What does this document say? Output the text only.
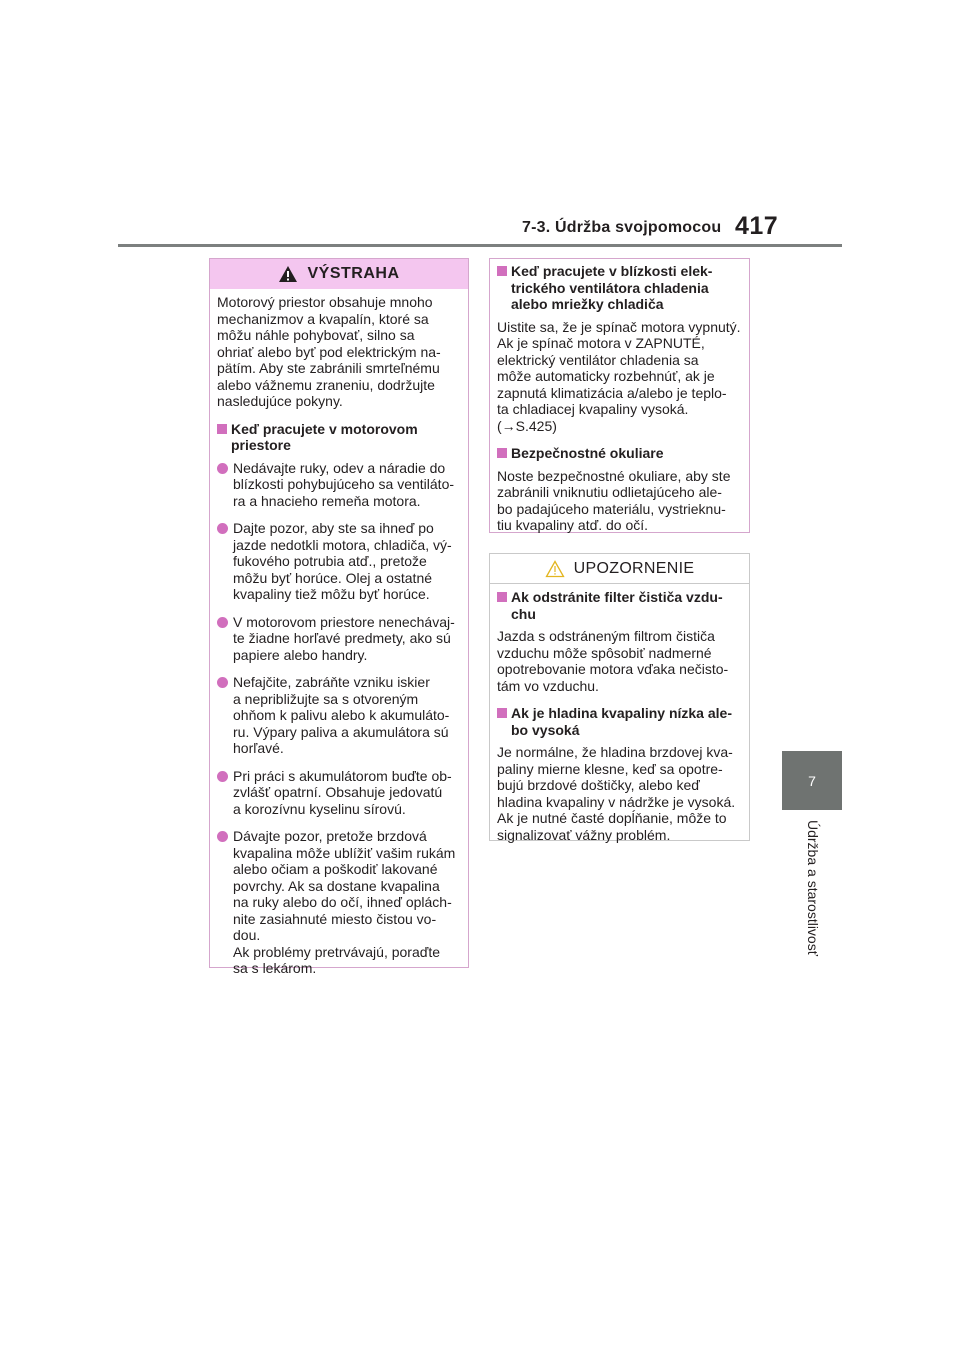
7-3. Údržba svojpomocou 417
7
Údržba a starostlivosť
VÝSTRAHA
Motorový priestor obsahuje mnoho
mechanizmov a kvapalín, ktoré sa
môžu náhle pohybovať, silno sa
ohriať alebo byť pod elektrickým na-
pätím. Aby ste zabránili smrteľnému
alebo vážnemu zraneniu, dodržujte
nasledujúce pokyny.
Keď pracujete v motorovom
priestore
Nedávajte ruky, odev a náradie do
blízkosti pohybujúceho sa ventiláto-
ra a hnacieho remeňa motora.
Dajte pozor, aby ste sa ihneď po
jazde nedotkli motora, chladiča, vý-
fukového potrubia atď., pretože
môžu byť horúce. Olej a ostatné
kvapaliny tiež môžu byť horúce.
V motorovom priestore nenechávaj-
te žiadne horľavé predmety, ako sú
papiere alebo handry.
Nefajčite, zabráňte vzniku iskier
a nepribližujte sa s otvoreným
ohňom k palivu alebo k akumuláto-
ru. Výpary paliva a akumulátora sú
horľavé.
Pri práci s akumulátorom buďte ob-
zvlášť opatrní. Obsahuje jedovatú
a korozívnu kyselinu sírovú.
Dávajte pozor, pretože brzdová
kvapalina môže ublížiť vašim rukám
alebo očiam a poškodiť lakované
povrchy. Ak sa dostane kvapalina
na ruky alebo do očí, ihneď oplách-
nite zasiahnuté miesto čistou vo-
dou.
Ak problémy pretrvávajú, poraďte
sa s lekárom.
Keď pracujete v blízkosti elek-
trického ventilátora chladenia
alebo mriežky chladiča
Uistite sa, že je spínač motora vypnutý.
Ak je spínač motora v ZAPNUTÉ,
elektrický ventilátor chladenia sa
môže automaticky rozbehnúť, ak je
zapnutá klimatizácia a/alebo je teplo-
ta chladiacej kvapaliny vysoká.
(→S.425)
Bezpečnostné okuliare
Noste bezpečnostné okuliare, aby ste
zabránili vniknutiu odlietajúceho ale-
bo padajúceho materiálu, vystrieknu-
tiu kvapaliny atď. do očí.
UPOZORNENIE
Ak odstránite filter čističa vzdu-
chu
Jazda s odstráneným filtrom čističa
vzduchu môže spôsobiť nadmerné
opotrebovanie motora vďaka nečisto-
tám vo vzduchu.
Ak je hladina kvapaliny nízka ale-
bo vysoká
Je normálne, že hladina brzdovej kva-
paliny mierne klesne, keď sa opotre-
bujú brzdové doštičky, alebo keď
hladina kvapaliny v nádržke je vysoká.
Ak je nutné časté dopĺňanie, môže to
signalizovať vážny problém.
